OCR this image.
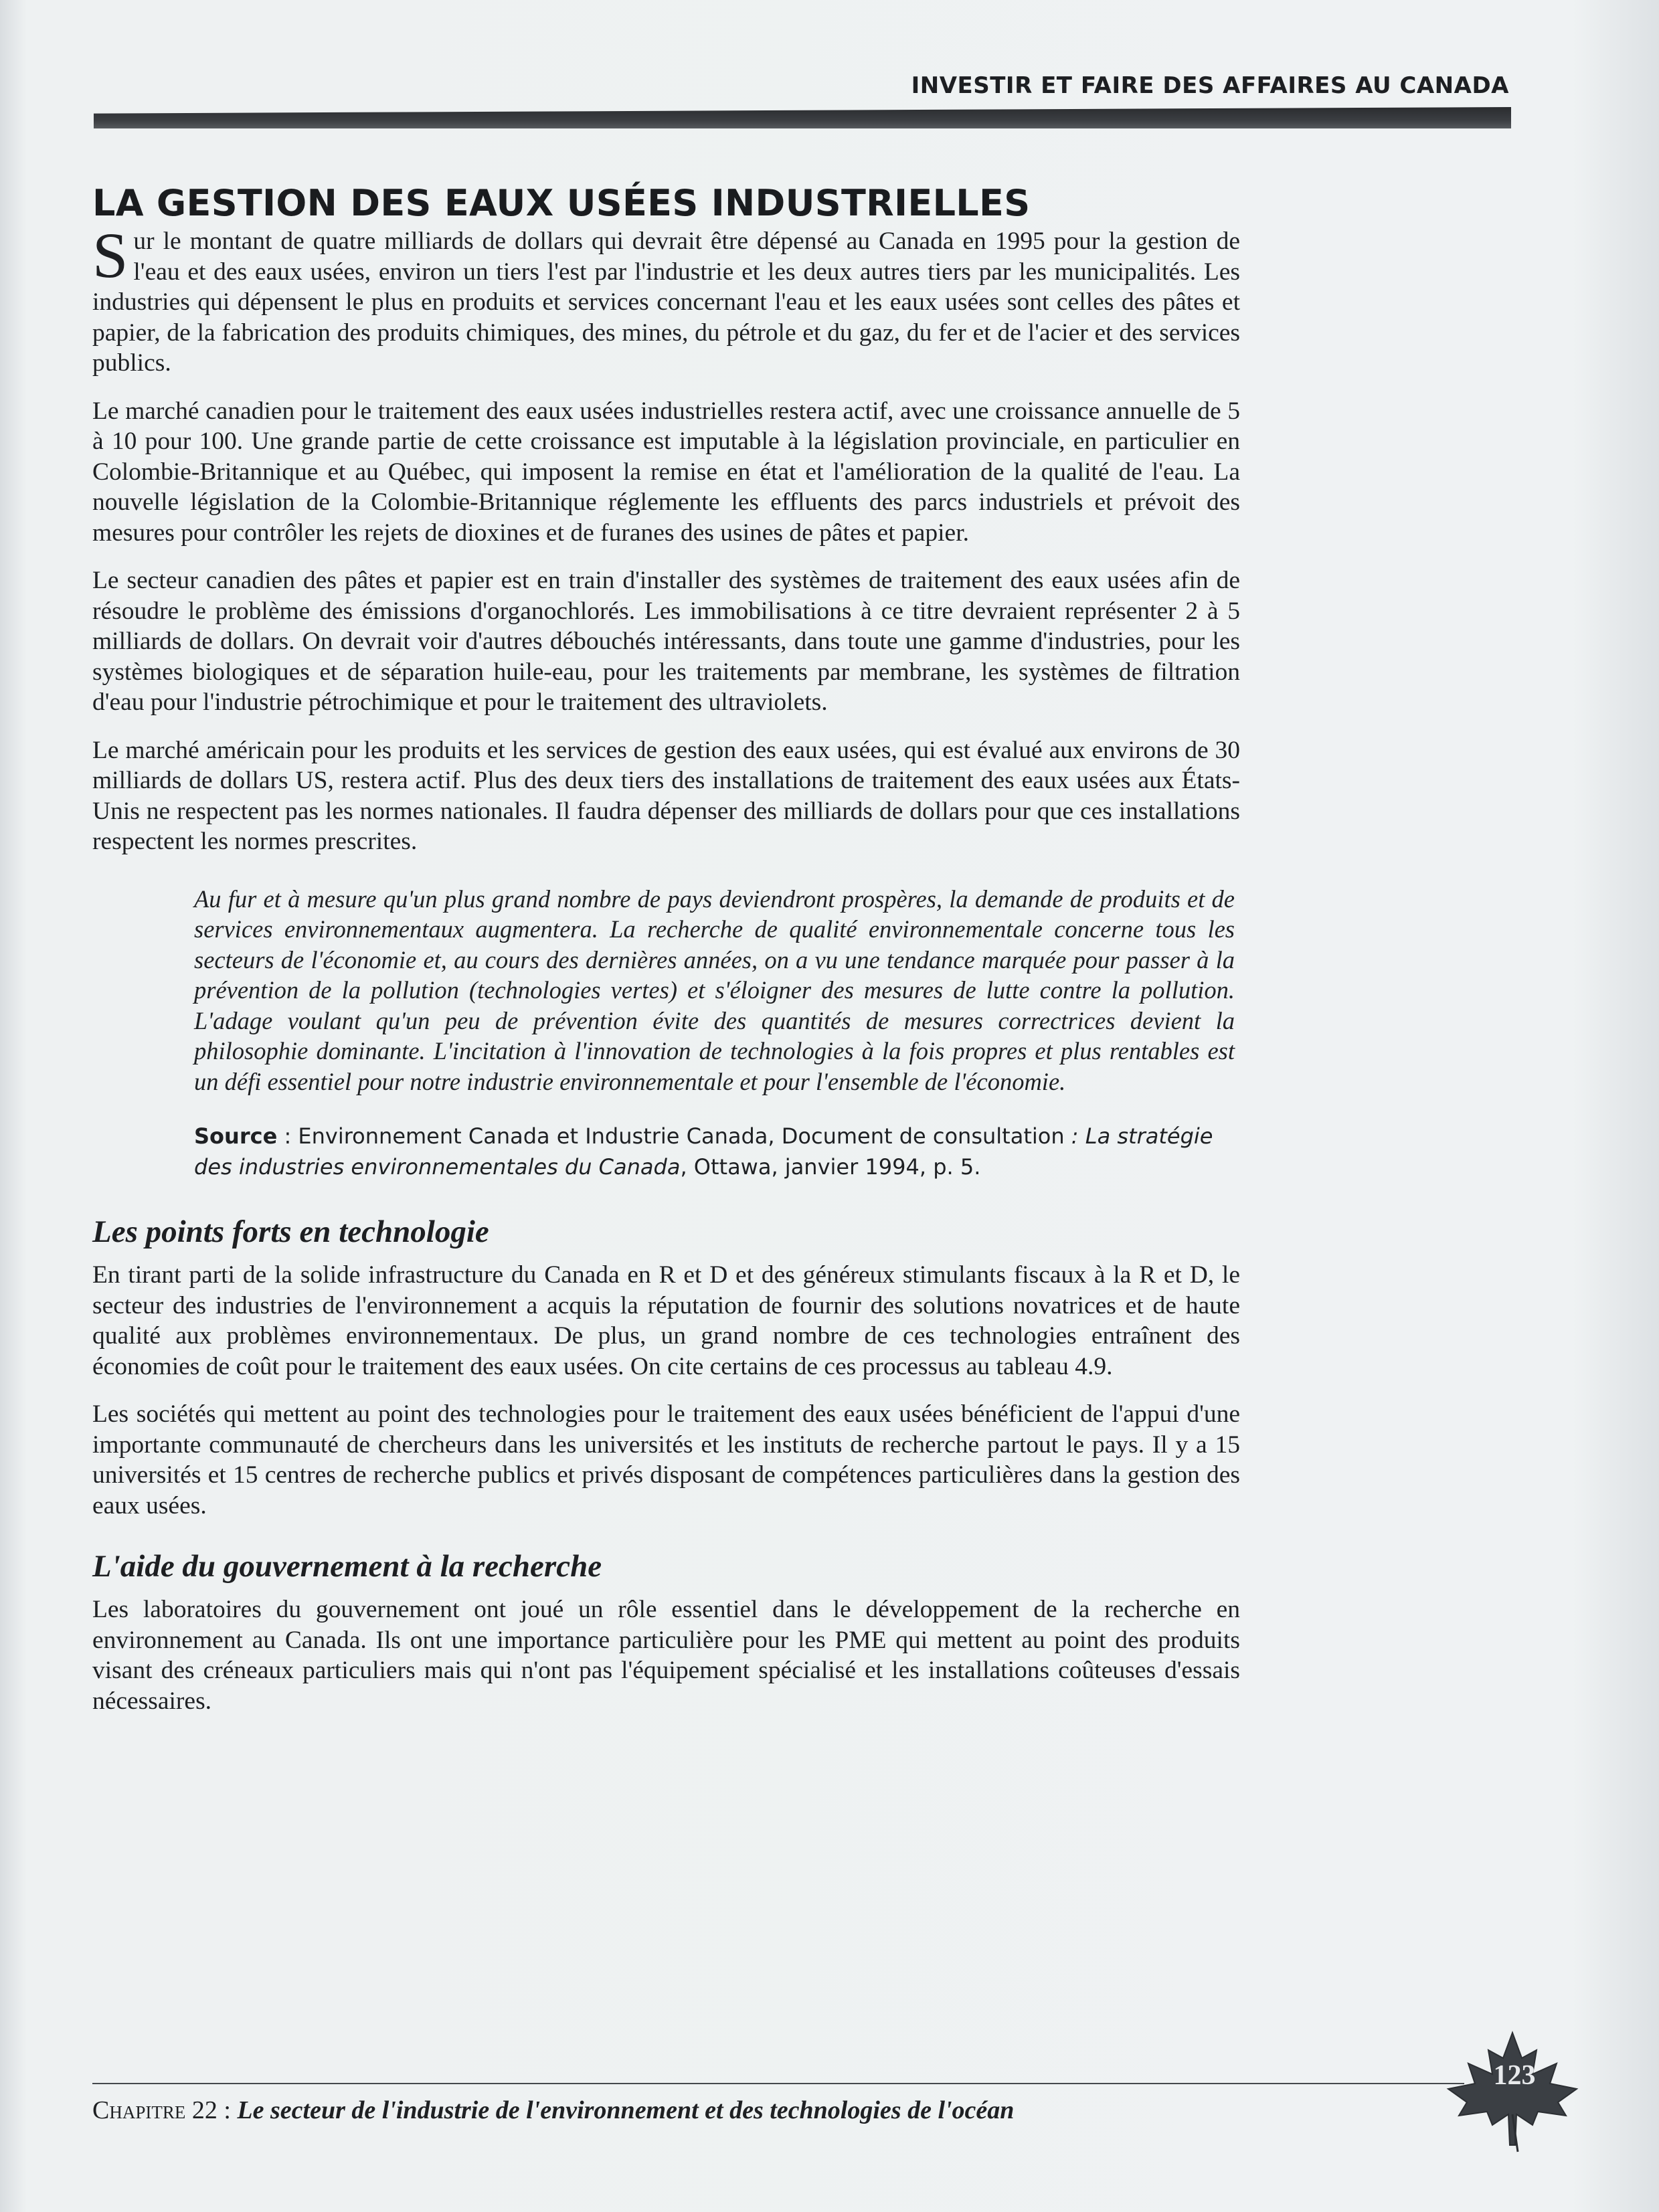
INVESTIR ET FAIRE DES AFFAIRES AU CANADA
LA GESTION DES EAUX USÉES INDUSTRIELLES

Sur le montant de quatre milliards de dollars qui devrait être dépensé au Canada en 1995 pour la gestion de l'eau et des eaux usées, environ un tiers l'est par l'industrie et les deux autres tiers par les municipalités. Les industries qui dépensent le plus en produits et services concernant l'eau et les eaux usées sont celles des pâtes et papier, de la fabrication des produits chimiques, des mines, du pétrole et du gaz, du fer et de l'acier et des services publics.

Le marché canadien pour le traitement des eaux usées industrielles restera actif, avec une croissance annuelle de 5 à 10 pour 100. Une grande partie de cette croissance est imputable à la législation provinciale, en particulier en Colombie-Britannique et au Québec, qui imposent la remise en état et l'amélioration de la qualité de l'eau. La nouvelle législation de la Colombie-Britannique réglemente les effluents des parcs industriels et prévoit des mesures pour contrôler les rejets de dioxines et de furanes des usines de pâtes et papier.

Le secteur canadien des pâtes et papier est en train d'installer des systèmes de traitement des eaux usées afin de résoudre le problème des émissions d'organochlorés. Les immobilisations à ce titre devraient représenter 2 à 5 milliards de dollars. On devrait voir d'autres débouchés intéressants, dans toute une gamme d'industries, pour les systèmes biologiques et de séparation huile-eau, pour les traitements par membrane, les systèmes de filtration d'eau pour l'industrie pétrochimique et pour le traitement des ultraviolets.

Le marché américain pour les produits et les services de gestion des eaux usées, qui est évalué aux environs de 30 milliards de dollars US, restera actif. Plus des deux tiers des installations de traitement des eaux usées aux États-Unis ne respectent pas les normes nationales. Il faudra dépenser des milliards de dollars pour que ces installations respectent les normes prescrites.

Au fur et à mesure qu'un plus grand nombre de pays deviendront prospères, la demande de produits et de services environnementaux augmentera. La recherche de qualité environnementale concerne tous les secteurs de l'économie et, au cours des dernières années, on a vu une tendance marquée pour passer à la prévention de la pollution (technologies vertes) et s'éloigner des mesures de lutte contre la pollution. L'adage voulant qu'un peu de prévention évite des quantités de mesures correctrices devient la philosophie dominante. L'incitation à l'innovation de technologies à la fois propres et plus rentables est un défi essentiel pour notre industrie environnementale et pour l'ensemble de l'économie.

Source : Environnement Canada et Industrie Canada, Document de consultation : La stratégie des industries environnementales du Canada, Ottawa, janvier 1994, p. 5.
Les points forts en technologie

En tirant parti de la solide infrastructure du Canada en R et D et des généreux stimulants fiscaux à la R et D, le secteur des industries de l'environnement a acquis la réputation de fournir des solutions novatrices et de haute qualité aux problèmes environnementaux. De plus, un grand nombre de ces technologies entraînent des économies de coût pour le traitement des eaux usées. On cite certains de ces processus au tableau 4.9.

Les sociétés qui mettent au point des technologies pour le traitement des eaux usées bénéficient de l'appui d'une importante communauté de chercheurs dans les universités et les instituts de recherche partout le pays. Il y a 15 universités et 15 centres de recherche publics et privés disposant de compétences particulières dans la gestion des eaux usées.

L'aide du gouvernement à la recherche

Les laboratoires du gouvernement ont joué un rôle essentiel dans le développement de la recherche en environnement au Canada. Ils ont une importance particulière pour les PME qui mettent au point des produits visant des créneaux particuliers mais qui n'ont pas l'équipement spécialisé et les installations coûteuses d'essais nécessaires.

Chapitre 22 : Le secteur de l'industrie de l'environnement et des technologies de l'océan
123
